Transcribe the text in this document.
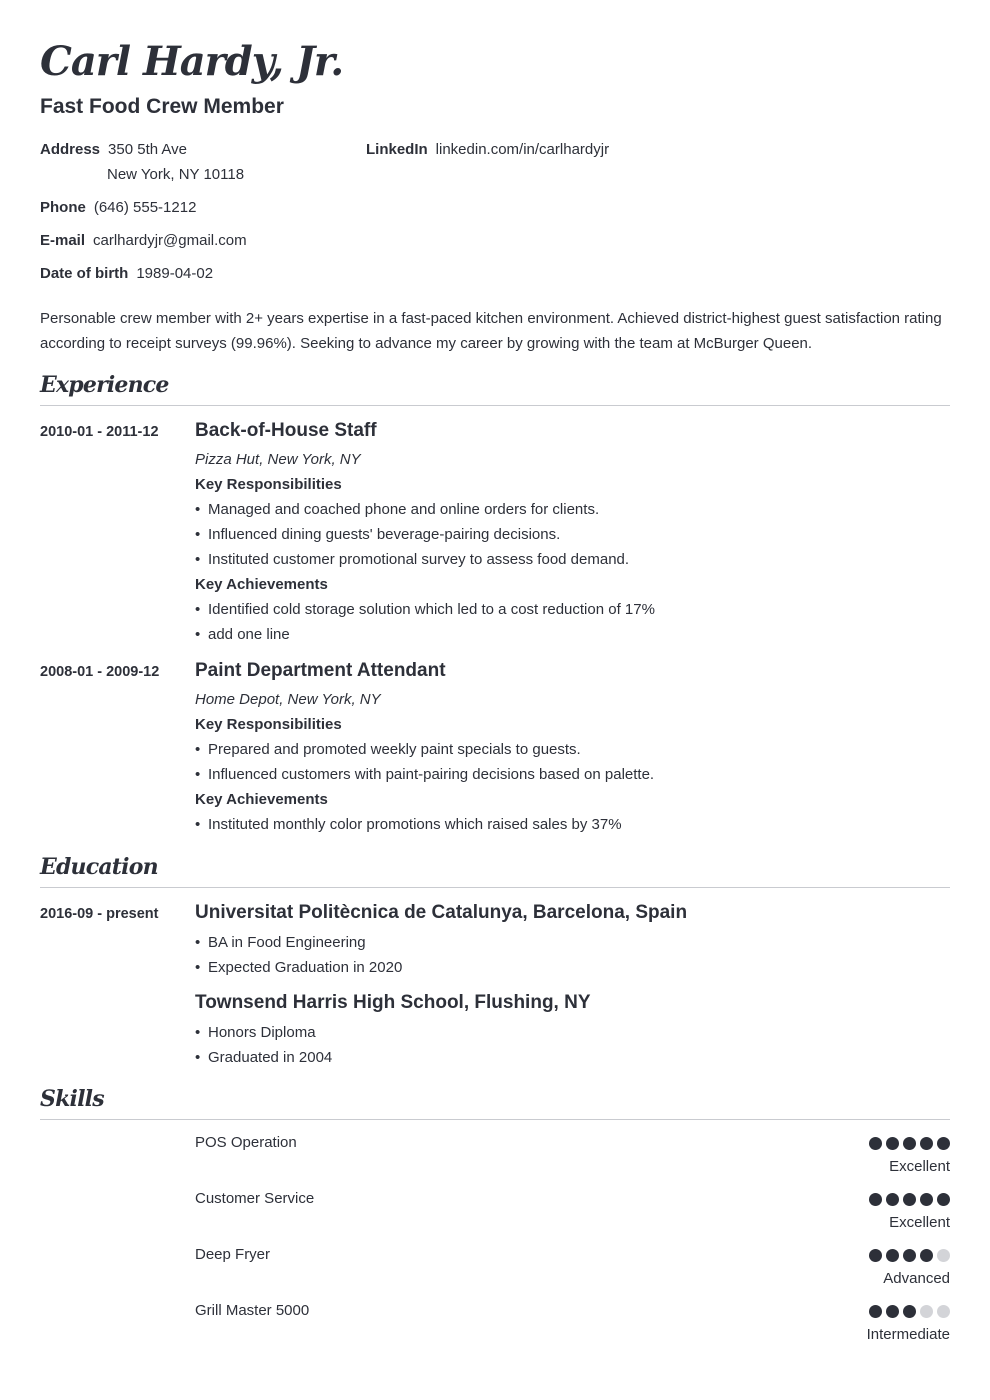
Carl Hardy, Jr.
Fast Food Crew Member
Address 350 5th Ave
New York, NY 10118
LinkedIn linkedin.com/in/carlhardyjr
Phone (646) 555-1212
E-mail carlhardyjr@gmail.com
Date of birth 1989-04-02
Personable crew member with 2+ years expertise in a fast-paced kitchen environment. Achieved district-highest guest satisfaction rating according to receipt surveys (99.96%). Seeking to advance my career by growing with the team at McBurger Queen.
Experience
2010-01 - 2011-12 Back-of-House Staff
Pizza Hut, New York, NY
Key Responsibilities
• Managed and coached phone and online orders for clients.
• Influenced dining guests' beverage-pairing decisions.
• Instituted customer promotional survey to assess food demand.
Key Achievements
• Identified cold storage solution which led to a cost reduction of 17%
• add one line
2008-01 - 2009-12 Paint Department Attendant
Home Depot, New York, NY
Key Responsibilities
• Prepared and promoted weekly paint specials to guests.
• Influenced customers with paint-pairing decisions based on palette.
Key Achievements
• Instituted monthly color promotions which raised sales by 37%
Education
2016-09 - present Universitat Politècnica de Catalunya, Barcelona, Spain
• BA in Food Engineering
• Expected Graduation in 2020
Townsend Harris High School, Flushing, NY
• Honors Diploma
• Graduated in 2004
Skills
POS Operation
Excellent
Customer Service
Excellent
Deep Fryer
Advanced
Grill Master 5000
Intermediate
